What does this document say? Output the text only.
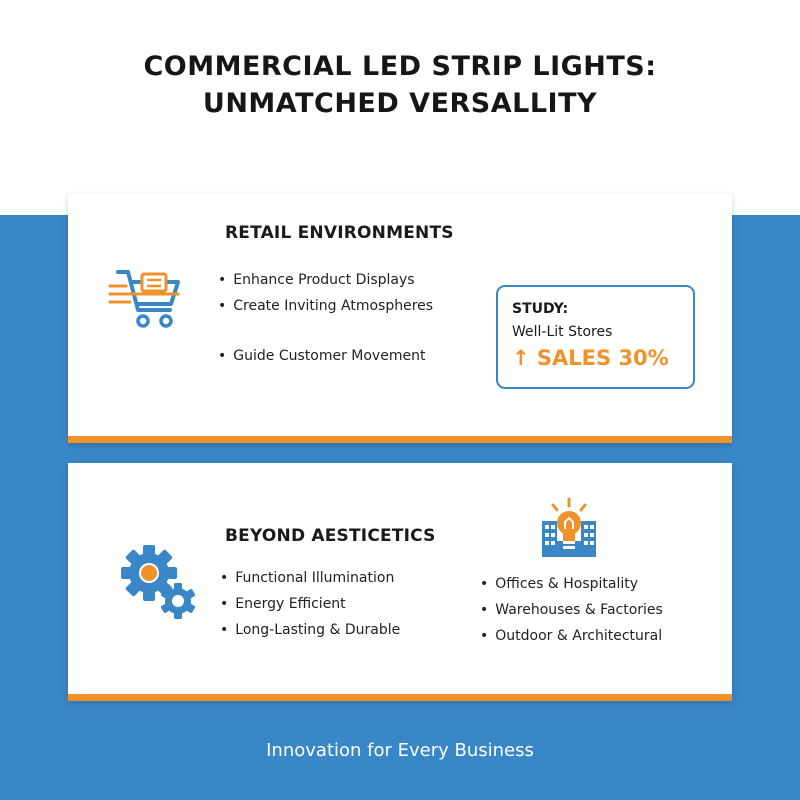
COMMERCIAL LED STRIP LIGHTS:
UNMATCHED VERSALLITY
RETAIL ENVIRONMENTS
• Enhance Product Displays
• Create Inviting Atmospheres
• Guide Customer Movement
STUDY:
Well-Lit Stores
↑ SALES 30%
BEYOND AESTICETICS
• Functional Illumination
• Energy Efficient
• Long-Lasting & Durable
• Offices & Hospitality
• Warehouses & Factories
• Outdoor & Architectural
Innovation for Every Business
